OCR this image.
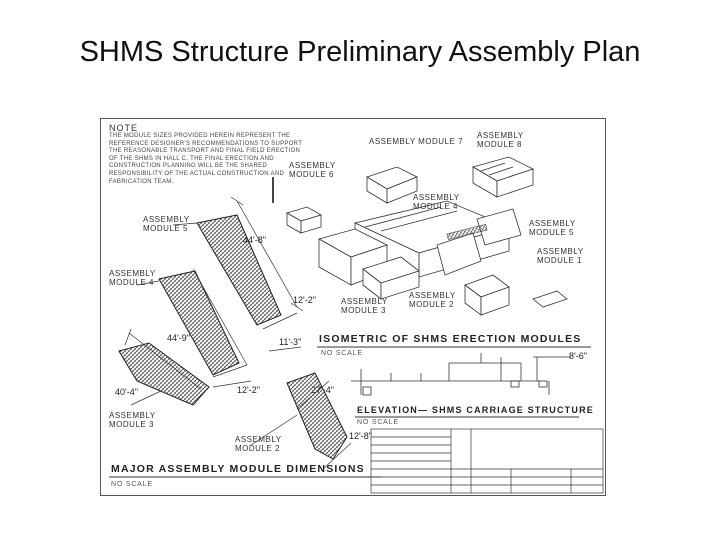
SHMS Structure Preliminary Assembly Plan
NOTE
THE MODULE SIZES PROVIDED HEREIN REPRESENT THE REFERENCE DESIGNER'S RECOMMENDATIONS TO SUPPORT THE REASONABLE TRANSPORT AND FINAL FIELD ERECTION OF THE SHMS IN HALL C. THE FINAL ERECTION AND CONSTRUCTION PLANNING WILL BE THE SHARED RESPONSIBILITY OF THE ACTUAL CONSTRUCTION AND FABRICATION TEAM.
ASSEMBLY MODULE 7
ASSEMBLY MODULE 8
ASSEMBLY MODULE 6
ASSEMBLY MODULE 5
ASSEMBLY MODULE 4
ASSEMBLY MODULE 5
ASSEMBLY MODULE 1
ASSEMBLY MODULE 4
ASSEMBLY MODULE 3
ASSEMBLY MODULE 2
ASSEMBLY MODULE 3
ASSEMBLY MODULE 2
44'-8"
12'-2"
44'-9"	11'-3"
40'-4"	12'-2"	27'-4"
12'-8"
8'-6"
ISOMETRIC OF SHMS ERECTION MODULES
NO SCALE
ELEVATION— SHMS CARRIAGE STRUCTURE
NO SCALE
MAJOR ASSEMBLY MODULE DIMENSIONS
NO SCALE
